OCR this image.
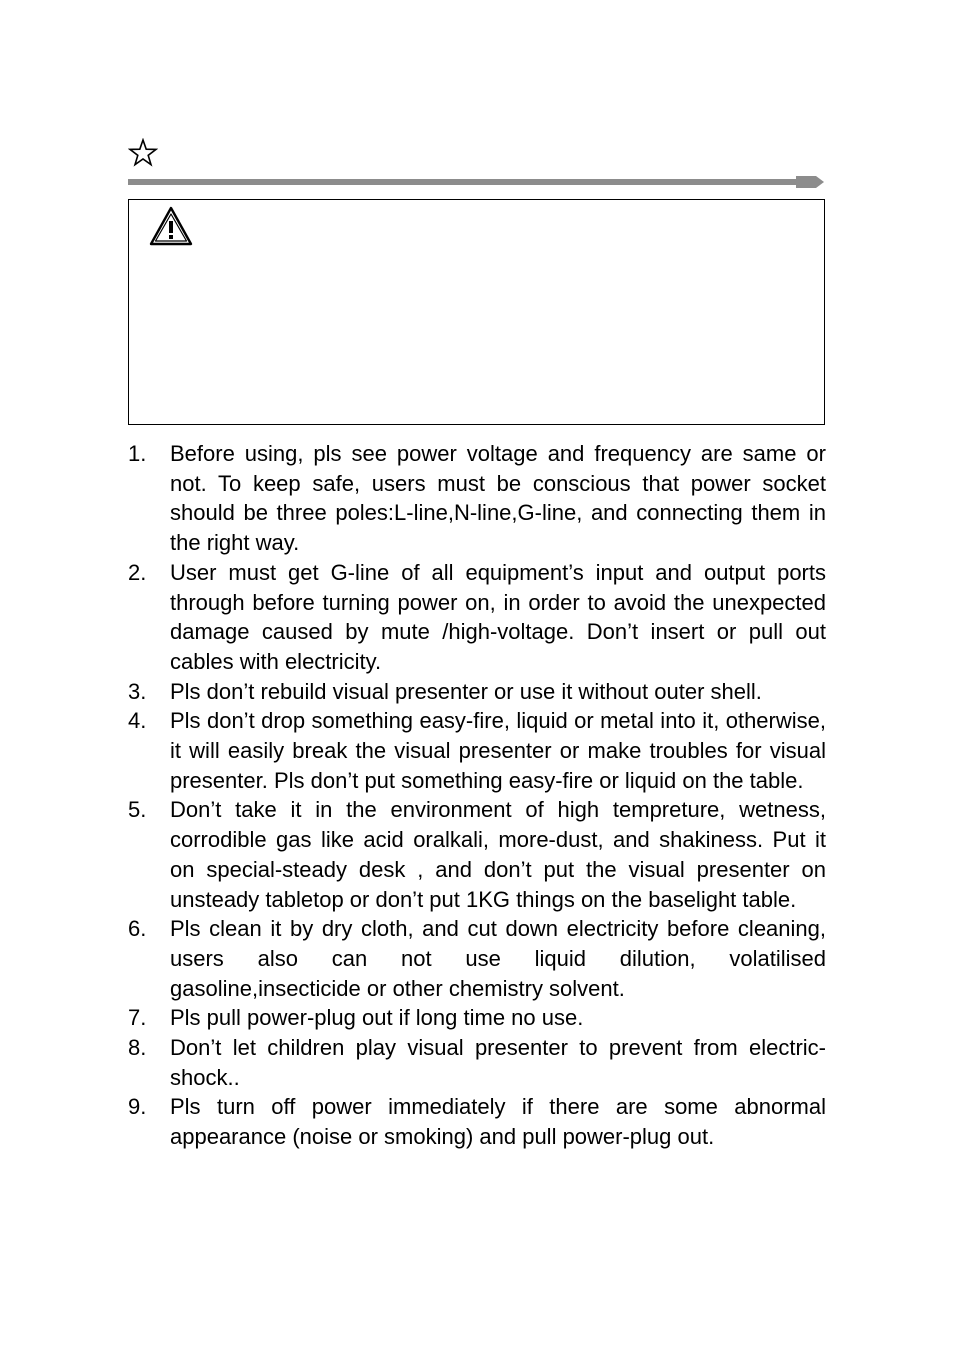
1. Before using, pls see power voltage and frequency are same or not. To keep safe, users must be conscious that power socket should be three poles:L-line,N-line,G-line, and connecting them in the right way.
2. User must get G-line of all equipment’s input and output ports through before turning power on, in order to avoid the unexpected damage caused by mute /high-voltage. Don’t insert or pull out cables with electricity.
3. Pls don’t rebuild visual presenter or use it without outer shell.
4. Pls don’t drop something easy-fire, liquid or metal into it, otherwise, it will easily break the visual presenter or make troubles for visual presenter. Pls don’t put something easy-fire or liquid on the table.
5. Don’t take it in the environment of high tempreture, wetness, corrodible gas like acid oralkali, more-dust, and shakiness. Put it on special-steady desk , and don’t put the visual presenter on unsteady tabletop or don’t put 1KG things on the baselight table.
6. Pls clean it by dry cloth, and cut down electricity before cleaning, users also can not use liquid dilution, volatilised gasoline,insecticide or other chemistry solvent.
7. Pls pull power-plug out if long time no use.
8. Don’t let children play visual presenter to prevent from electric-shock..
9. Pls turn off power immediately if there are some abnormal appearance (noise or smoking) and pull power-plug out.
